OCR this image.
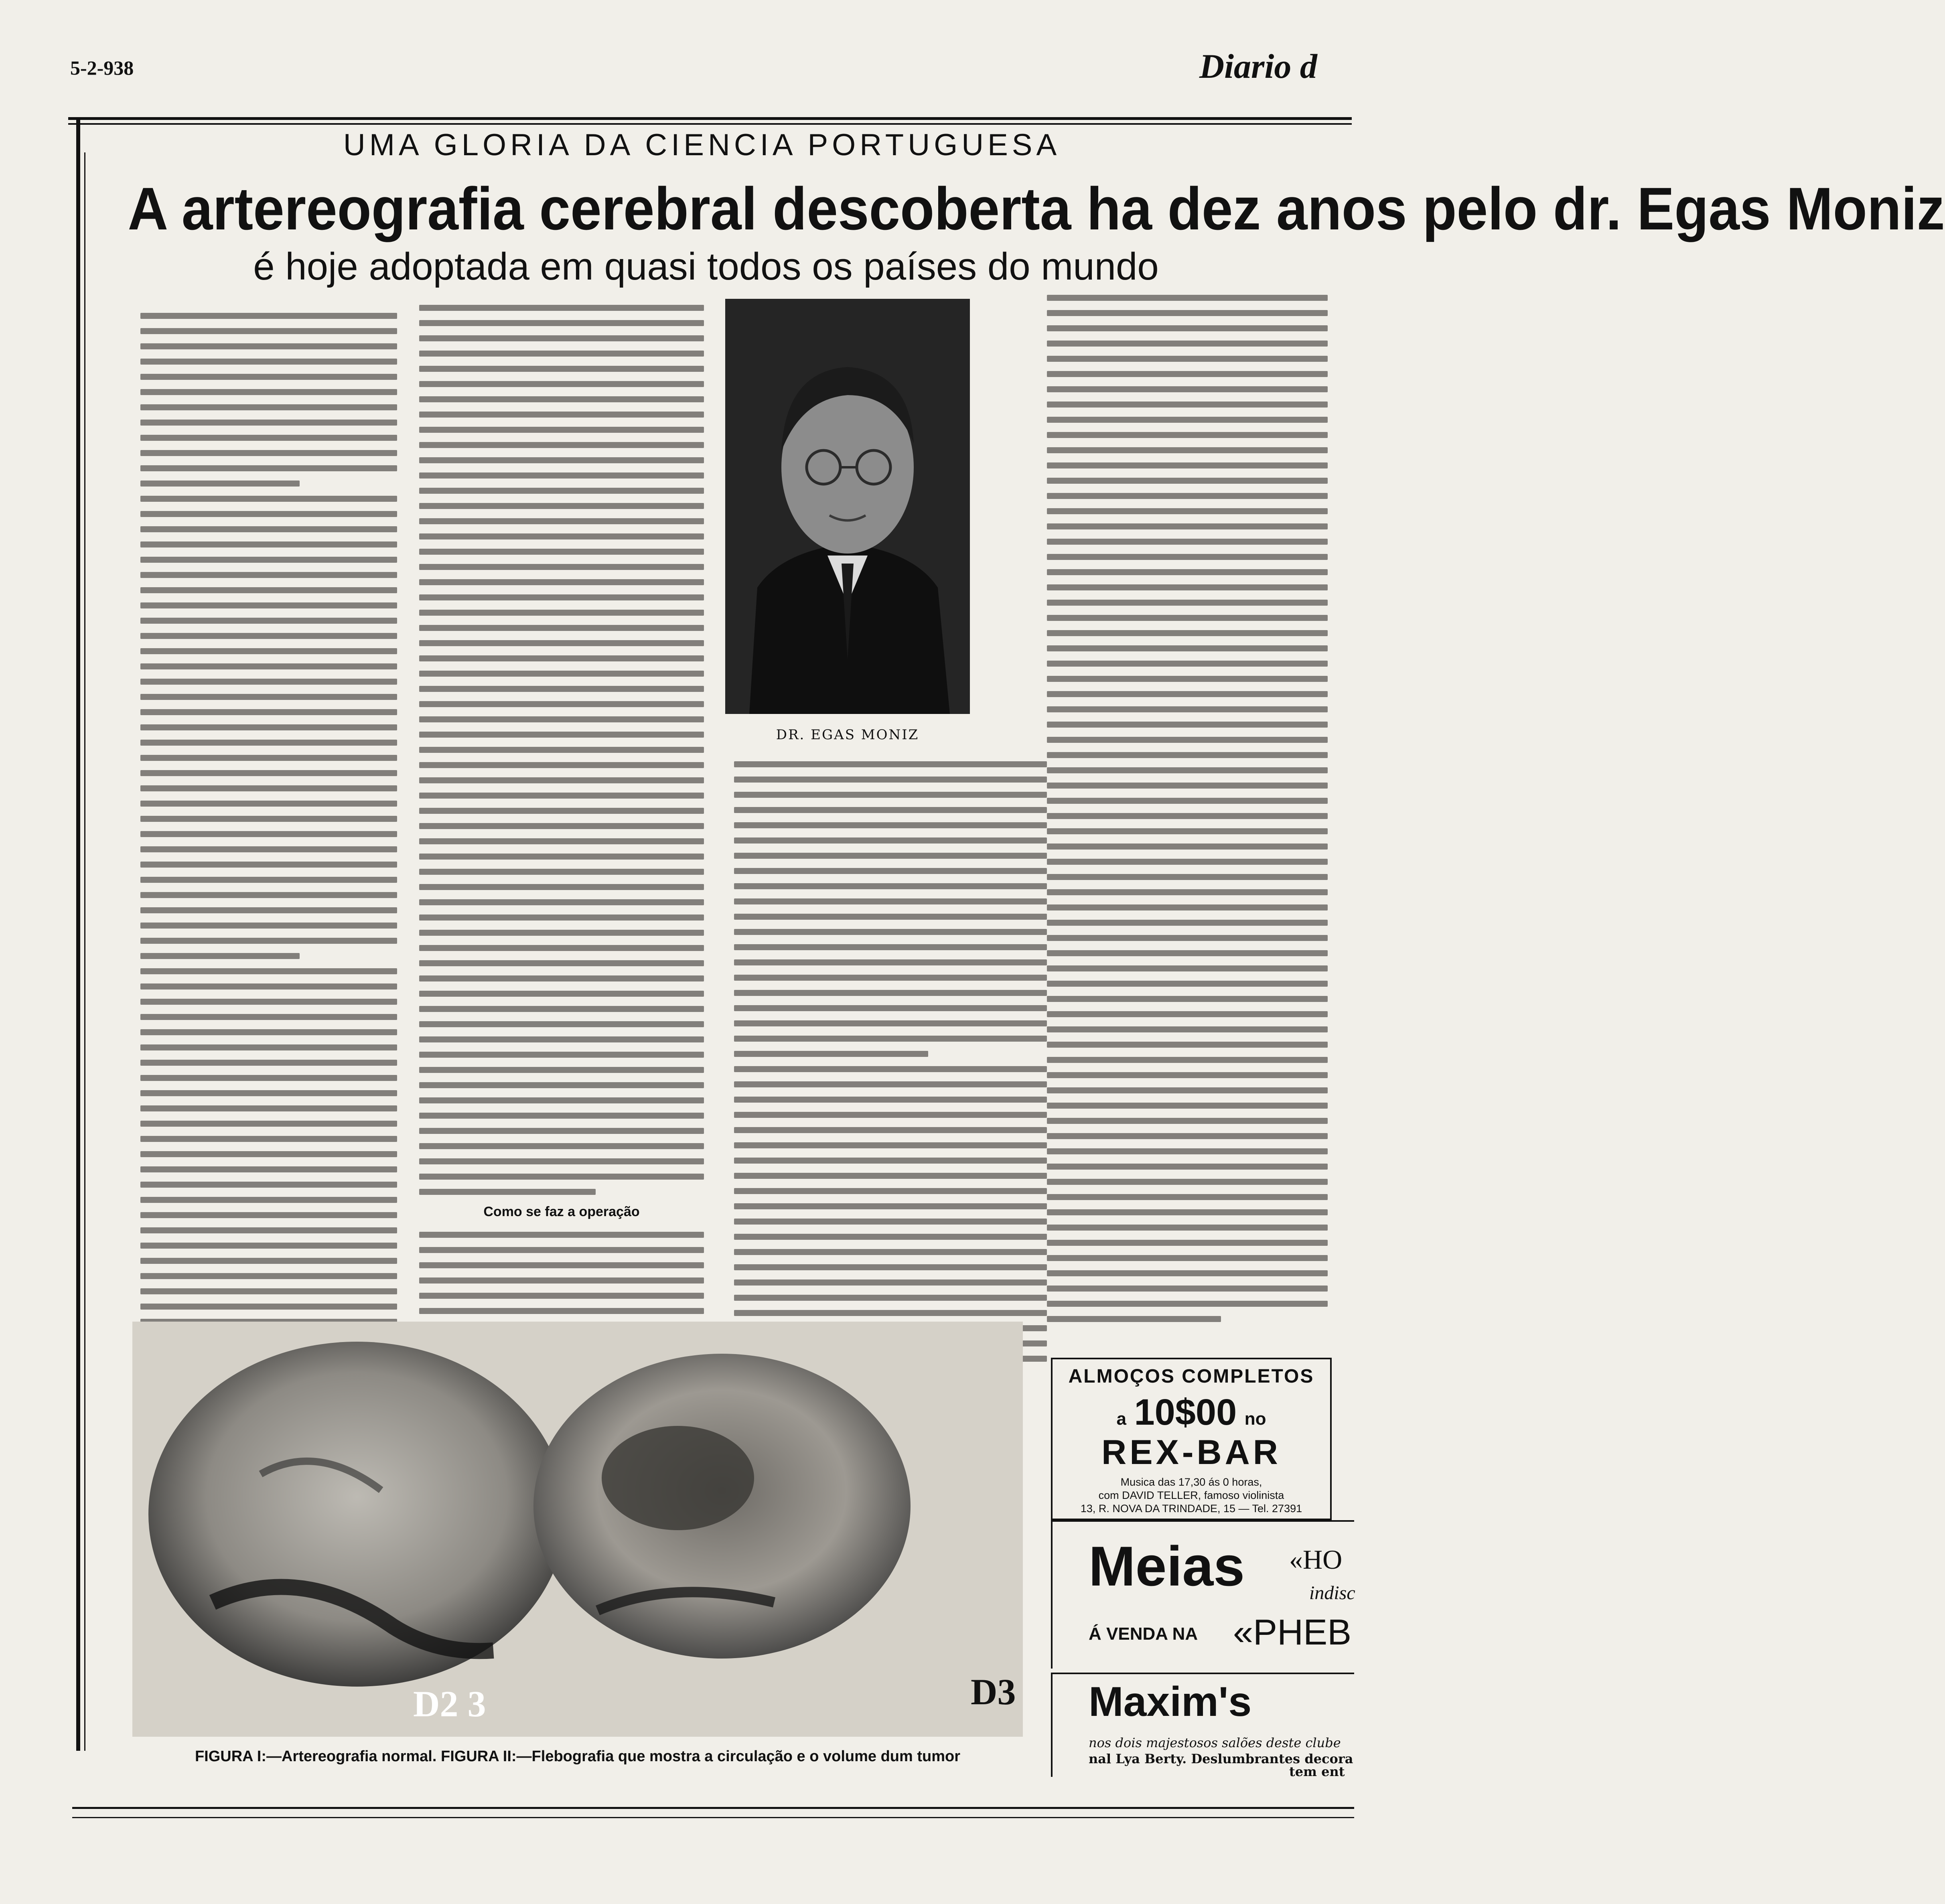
5-2-938	Diario d
UMA GLORIA DA CIENCIA PORTUGUESA
A artereografia cerebral descoberta ha dez anos pelo dr. Egas Moniz
é hoje adoptada em quasi todos os países do mundo
Como se faz a operação
DR. EGAS MONIZ
D2 3	D3
FIGURA I:—Artereografia normal. FIGURA II:—Flebografia que mostra a circulação e o volume dum tumor
ALMOÇOS COMPLETOS
a 10$00 no
REX-BAR
Musica das 17,30 ás 0 horas,
com DAVID TELLER, famoso violinista
13, R. NOVA DA TRINDADE, 15 — Tel. 27391
Meias «HO
indisc
Á VENDA NA «PHEB
Maxim's
nos dois majestosos salões deste clube
nal Lya Berty. Deslumbrantes decora
tem ent
